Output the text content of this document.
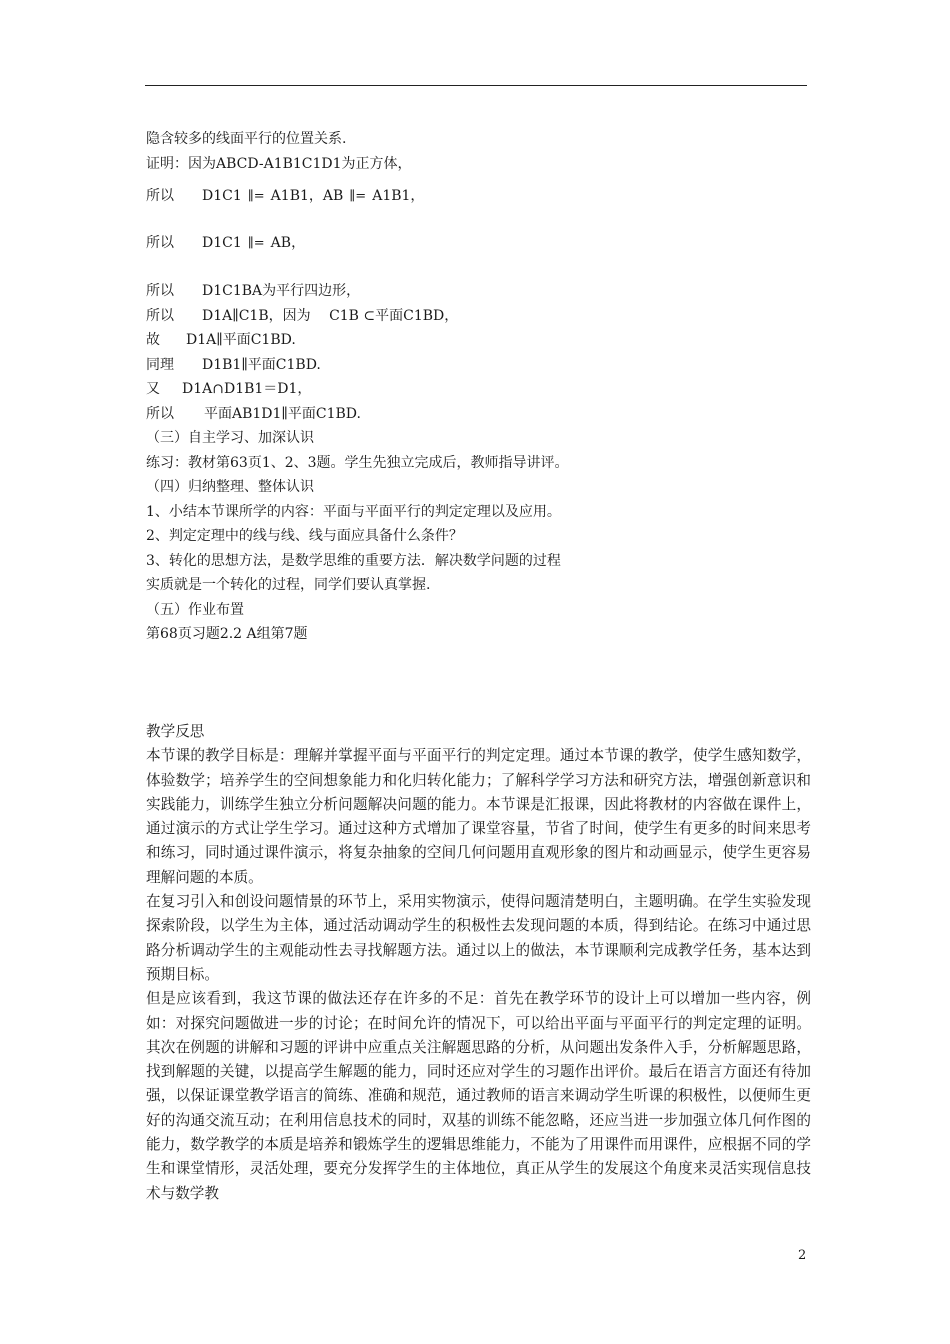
隐含较多的线面平行的位置关系.
证明：因为ABCD-A1B1C1D1为正方体，
所以 D1C1 ∥= A1B1，AB ∥= A1B1，
所以 D1C1 ∥= AB，
所以 D1C1BA为平行四边形，
所以 D1A∥C1B，因为　 C1B ⊂平面C1BD，
故 D1A∥平面C1BD.
同理 D1B1∥平面C1BD.
又 D1A∩D1B1＝D1，
所以 平面AB1D1∥平面C1BD.
（三）自主学习、加深认识
练习：教材第63页1、2、3题。学生先独立完成后，教师指导讲评。
（四）归纳整理、整体认识
1、小结本节课所学的内容：平面与平面平行的判定定理以及应用。
2、判定定理中的线与线、线与面应具备什么条件？
3、转化的思想方法，是数学思维的重要方法．解决数学问题的过程
实质就是一个转化的过程，同学们要认真掌握.
（五）作业布置
第68页习题2.2 A组第7题
教学反思
本节课的教学目标是：理解并掌握平面与平面平行的判定定理。通过本节课的教学，使学生感知数学，体验数学；培养学生的空间想象能力和化归转化能力；了解科学学习方法和研究方法，增强创新意识和实践能力，训练学生独立分析问题解决问题的能力。本节课是汇报课，因此将教材的内容做在课件上，通过演示的方式让学生学习。通过这种方式增加了课堂容量，节省了时间，使学生有更多的时间来思考和练习，同时通过课件演示，将复杂抽象的空间几何问题用直观形象的图片和动画显示，使学生更容易理解问题的本质。
在复习引入和创设问题情景的环节上，采用实物演示，使得问题清楚明白，主题明确。在学生实验发现探索阶段，以学生为主体，通过活动调动学生的积极性去发现问题的本质，得到结论。在练习中通过思路分析调动学生的主观能动性去寻找解题方法。通过以上的做法，本节课顺利完成教学任务，基本达到预期目标。
但是应该看到，我这节课的做法还存在许多的不足：首先在教学环节的设计上可以增加一些内容，例如：对探究问题做进一步的讨论；在时间允许的情况下，可以给出平面与平面平行的判定定理的证明。其次在例题的讲解和习题的评讲中应重点关注解题思路的分析，从问题出发条件入手，分析解题思路，找到解题的关键，以提高学生解题的能力，同时还应对学生的习题作出评价。最后在语言方面还有待加强，以保证课堂教学语言的简练、准确和规范，通过教师的语言来调动学生听课的积极性，以便师生更好的沟通交流互动；在利用信息技术的同时，双基的训练不能忽略，还应当进一步加强立体几何作图的能力，数学教学的本质是培养和锻炼学生的逻辑思维能力，不能为了用课件而用课件，应根据不同的学生和课堂情形，灵活处理，要充分发挥学生的主体地位，真正从学生的发展这个角度来灵活实现信息技术与数学教
2
